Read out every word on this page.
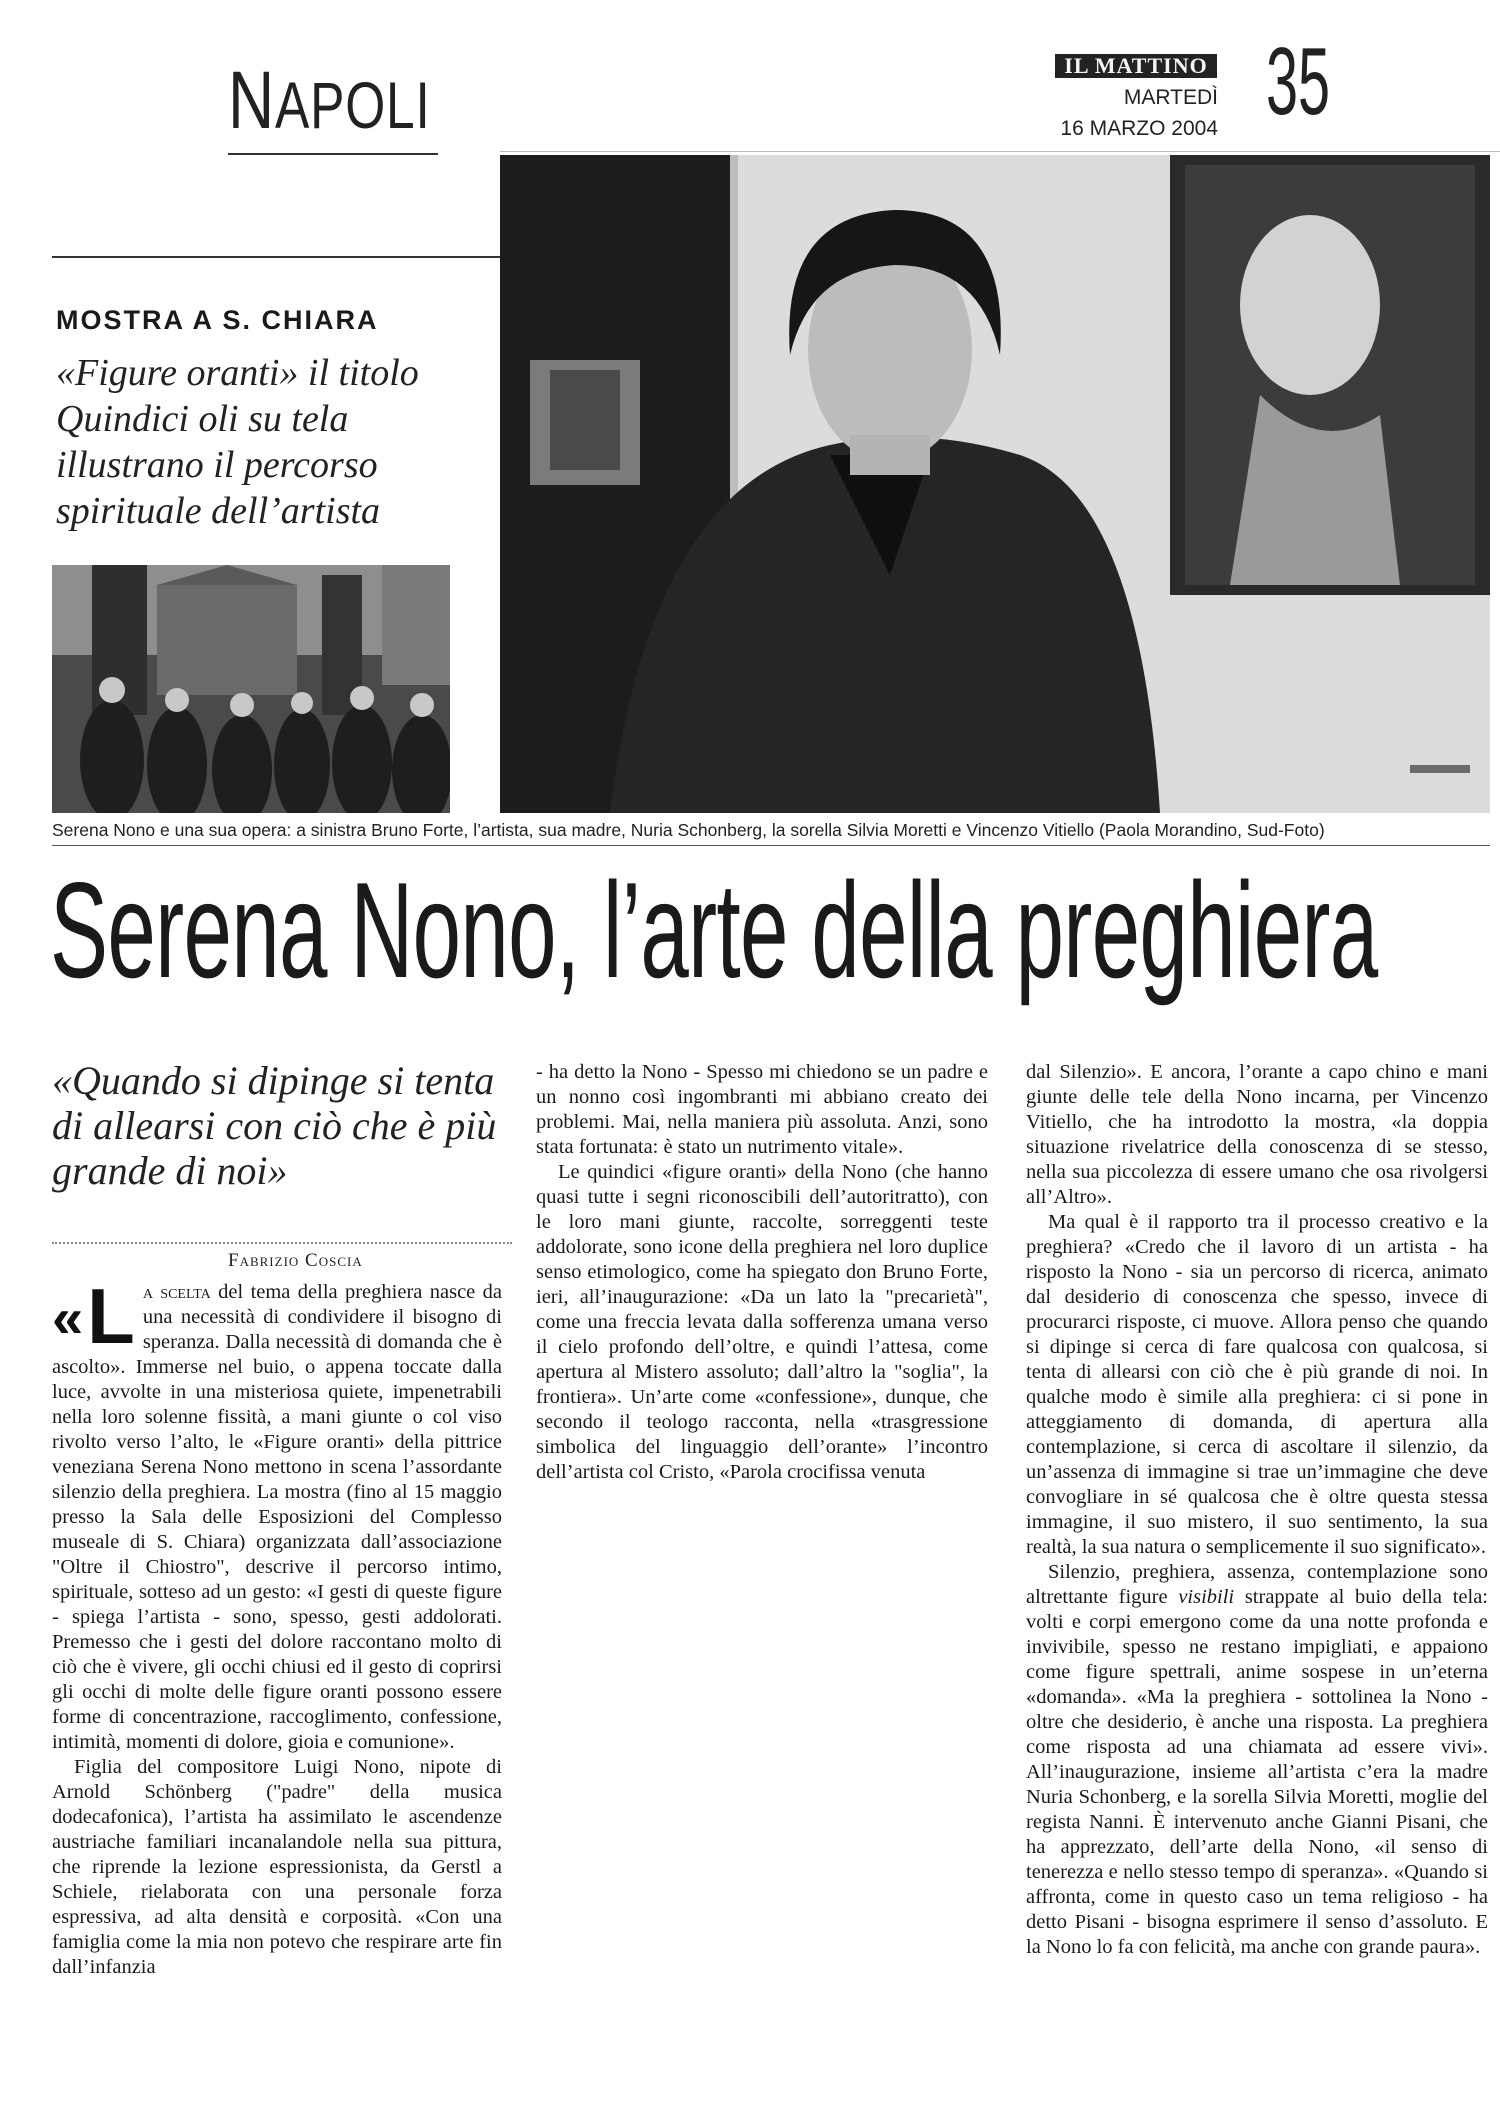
NAPOLI
IL MATTINO
MARTEDÌ
16 MARZO 2004 35
MOSTRA A S. CHIARA
«Figure oranti» il titolo Quindici oli su tela illustrano il percorso spirituale dell’artista
Serena Nono e una sua opera: a sinistra Bruno Forte, l’artista, sua madre, Nuria Schonberg, la sorella Silvia Moretti e Vincenzo Vitiello (Paola Morandino, Sud-Foto)
Serena Nono, l’arte della preghiera
«Quando si dipinge si tenta di allearsi con ciò che è più grande di noi»
Fabrizio Coscia

«L a scelta del tema della preghiera nasce da una necessità di condividere il bisogno di speranza. Dalla necessità di domanda che è ascolto». Immerse nel buio, o appena toccate dalla luce, avvolte in una misteriosa quiete, impenetrabili nella loro solenne fissità, a mani giunte o col viso rivolto verso l’alto, le «Figure oranti» della pittrice veneziana Serena Nono mettono in scena l’assordante silenzio della preghiera. La mostra (fino al 15 maggio presso la Sala delle Esposizioni del Complesso museale di S. Chiara) organizzata dall’associazione "Oltre il Chiostro", descrive il percorso intimo, spirituale, sotteso ad un gesto: «I gesti di queste figure - spiega l’artista - sono, spesso, gesti addolorati. Premesso che i gesti del dolore raccontano molto di ciò che è vivere, gli occhi chiusi ed il gesto di coprirsi gli occhi di molte delle figure oranti possono essere forme di concentrazione, raccoglimento, confessione, intimità, momenti di dolore, gioia e comunione».

Figlia del compositore Luigi Nono, nipote di Arnold Schönberg ("padre" della musica dodecafonica), l’artista ha assimilato le ascendenze austriache familiari incanalandole nella sua pittura, che riprende la lezione espressionista, da Gerstl a Schiele, rielaborata con una personale forza espressiva, ad alta densità e corposità. «Con una famiglia come la mia non potevo che respirare arte fin dall’infanzia

- ha detto la Nono - Spesso mi chiedono se un padre e un nonno così ingombranti mi abbiano creato dei problemi. Mai, nella maniera più assoluta. Anzi, sono stata fortunata: è stato un nutrimento vitale».

Le quindici «figure oranti» della Nono (che hanno quasi tutte i segni riconoscibili dell’autoritratto), con le loro mani giunte, raccolte, sorreggenti teste addolorate, sono icone della preghiera nel loro duplice senso etimologico, come ha spiegato don Bruno Forte, ieri, all’inaugurazione: «Da un lato la "precarietà", come una freccia levata dalla sofferenza umana verso il cielo profondo dell’oltre, e quindi l’attesa, come apertura al Mistero assoluto; dall’altro la "soglia", la frontiera». Un’arte come «confessione», dunque, che secondo il teologo racconta, nella «trasgressione simbolica del linguaggio dell’orante» l’incontro dell’artista col Cristo, «Parola crocifissa venuta

dal Silenzio». E ancora, l’orante a capo chino e mani giunte delle tele della Nono incarna, per Vincenzo Vitiello, che ha introdotto la mostra, «la doppia situazione rivelatrice della conoscenza di se stesso, nella sua piccolezza di essere umano che osa rivolgersi all’Altro».

Ma qual è il rapporto tra il processo creativo e la preghiera? «Credo che il lavoro di un artista - ha risposto la Nono - sia un percorso di ricerca, animato dal desiderio di conoscenza che spesso, invece di procurarci risposte, ci muove. Allora penso che quando si dipinge si cerca di fare qualcosa con qualcosa, si tenta di allearsi con ciò che è più grande di noi. In qualche modo è simile alla preghiera: ci si pone in atteggiamento di domanda, di apertura alla contemplazione, si cerca di ascoltare il silenzio, da un’assenza di immagine si trae un’immagine che deve convogliare in sé qualcosa che è oltre questa stessa immagine, il suo mistero, il suo sentimento, la sua realtà, la sua natura o semplicemente il suo significato».

Silenzio, preghiera, assenza, contemplazione sono altrettante figure visibili strappate al buio della tela: volti e corpi emergono come da una notte profonda e invivibile, spesso ne restano impigliati, e appaiono come figure spettrali, anime sospese in un’eterna «domanda». «Ma la preghiera - sottolinea la Nono - oltre che desiderio, è anche una risposta. La preghiera come risposta ad una chiamata ad essere vivi». All’inaugurazione, insieme all’artista c’era la madre Nuria Schonberg, e la sorella Silvia Moretti, moglie del regista Nanni. È intervenuto anche Gianni Pisani, che ha apprezzato, dell’arte della Nono, «il senso di tenerezza e nello stesso tempo di speranza». «Quando si affronta, come in questo caso un tema religioso - ha detto Pisani - bisogna esprimere il senso d’assoluto. E la Nono lo fa con felicità, ma anche con grande paura».
